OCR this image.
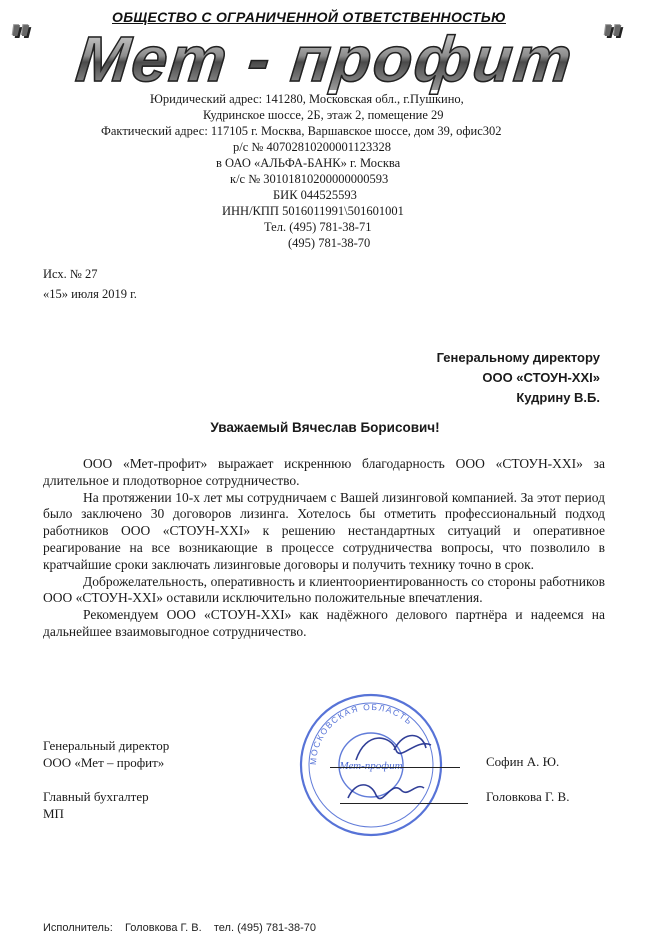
ОБЩЕСТВО С ОГРАНИЧЕННОЙ ОТВЕТСТВЕННОСТЬЮ
" Мет - профит "
Юридический адрес: 141280, Московская обл., г.Пушкино,
Кудринское шоссе, 2Б, этаж 2, помещение 29
Фактический адрес: 117105 г. Москва, Варшавское шоссе, дом 39, офис302
р/с № 40702810200001123328
в ОАО «АЛЬФА-БАНК» г. Москва
к/с № 30101810200000000593
БИК 044525593
ИНН/КПП 5016011991\501601001
Тел. (495) 781-38-71
(495) 781-38-70
Исх. № 27
«15» июля 2019 г.
Генеральному директору
ООО «СТОУН-XXI»
Кудрину В.Б.
Уважаемый Вячеслав Борисович!

ООО «Мет-профит» выражает искреннюю благодарность ООО «СТОУН-XXI» за длительное и плодотворное сотрудничество.

На протяжении 10-х лет мы сотрудничаем с Вашей лизинговой компанией. За этот период было заключено 30 договоров лизинга. Хотелось бы отметить профессиональный подход работников ООО «СТОУН-XXI» к решению нестандартных ситуаций и оперативное реагирование на все возникающие в процессе сотрудничества вопросы, что позволило в кратчайшие сроки заключать лизинговые договоры и получить технику точно в срок.

Доброжелательность, оперативность и клиентоориентированность со стороны работников ООО «СТОУН-XXI» оставили исключительно положительные впечатления.

Рекомендуем ООО «СТОУН-XXI» как надёжного делового партнёра и надеемся на дальнейшее взаимовыгодное сотрудничество.

МОСКОВСКАЯ ОБЛАСТЬ
Мет-профит
Генеральный директор
ООО «Мет – профит»	Софин А. Ю.
Главный бухгалтер
МП
Головкова Г. В.
Исполнитель: Головкова Г. В. тел. (495) 781-38-70
